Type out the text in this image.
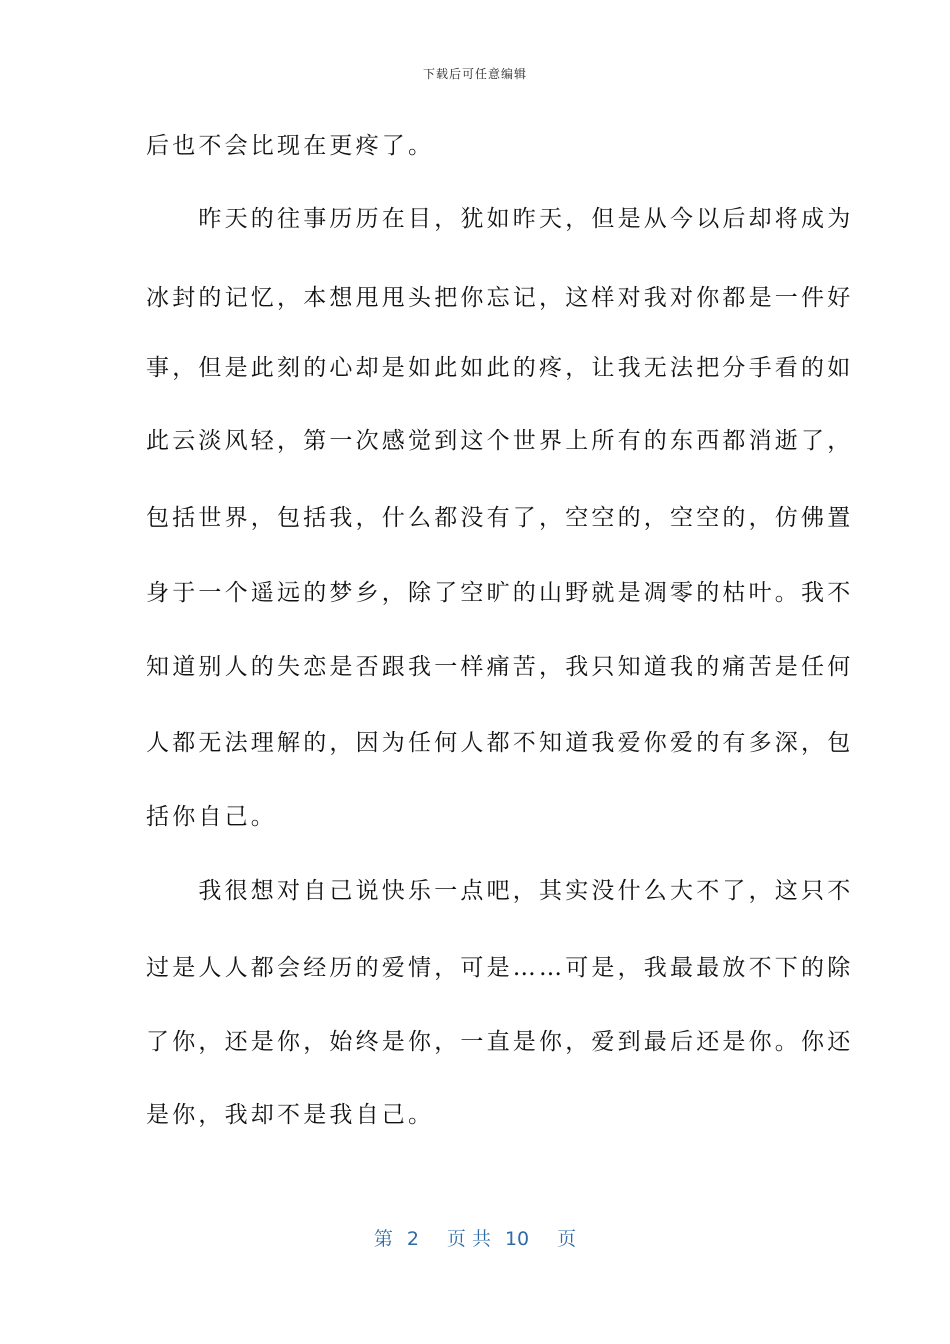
下载后可任意编辑
后也不会比现在更疼了。
　　昨天的往事历历在目，犹如昨天，但是从今以后却将成为
冰封的记忆，本想甩甩头把你忘记，这样对我对你都是一件好
事，但是此刻的心却是如此如此的疼，让我无法把分手看的如
此云淡风轻，第一次感觉到这个世界上所有的东西都消逝了，
包括世界，包括我，什么都没有了，空空的，空空的，仿佛置
身于一个遥远的梦乡，除了空旷的山野就是凋零的枯叶。我不
知道别人的失恋是否跟我一样痛苦，我只知道我的痛苦是任何
人都无法理解的，因为任何人都不知道我爱你爱的有多深，包
括你自己。
　　我很想对自己说快乐一点吧，其实没什么大不了，这只不
过是人人都会经历的爱情，可是……可是，我最最放不下的除
了你，还是你，始终是你，一直是你，爱到最后还是你。你还
是你，我却不是我自己。
第 2 页 共 10 页
